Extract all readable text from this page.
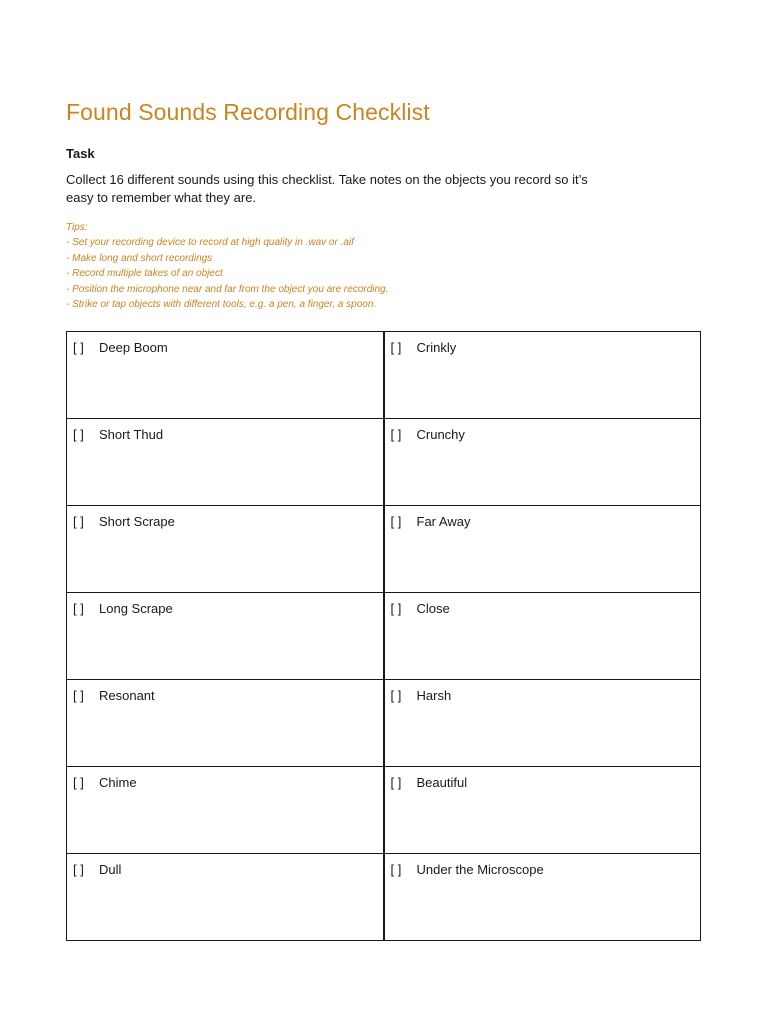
Found Sounds Recording Checklist
Task

Collect 16 different sounds using this checklist. Take notes on the objects you record so it’s easy to remember what they are.

Tips:
- Set your recording device to record at high quality in .wav or .aif
- Make long and short recordings
- Record multiple takes of an object
- Position the microphone near and far from the object you are recording.
- Strike or tap objects with different tools, e.g. a pen, a finger, a spoon.
[ ] Deep Boom	[ ] Crinkly

[ ] Short Thud	[ ] Crunchy

[ ] Short Scrape	[ ] Far Away

[ ] Long Scrape	[ ] Close

[ ] Resonant	[ ] Harsh

[ ] Chime	[ ] Beautiful

[ ] Dull	[ ] Under the Microscope
